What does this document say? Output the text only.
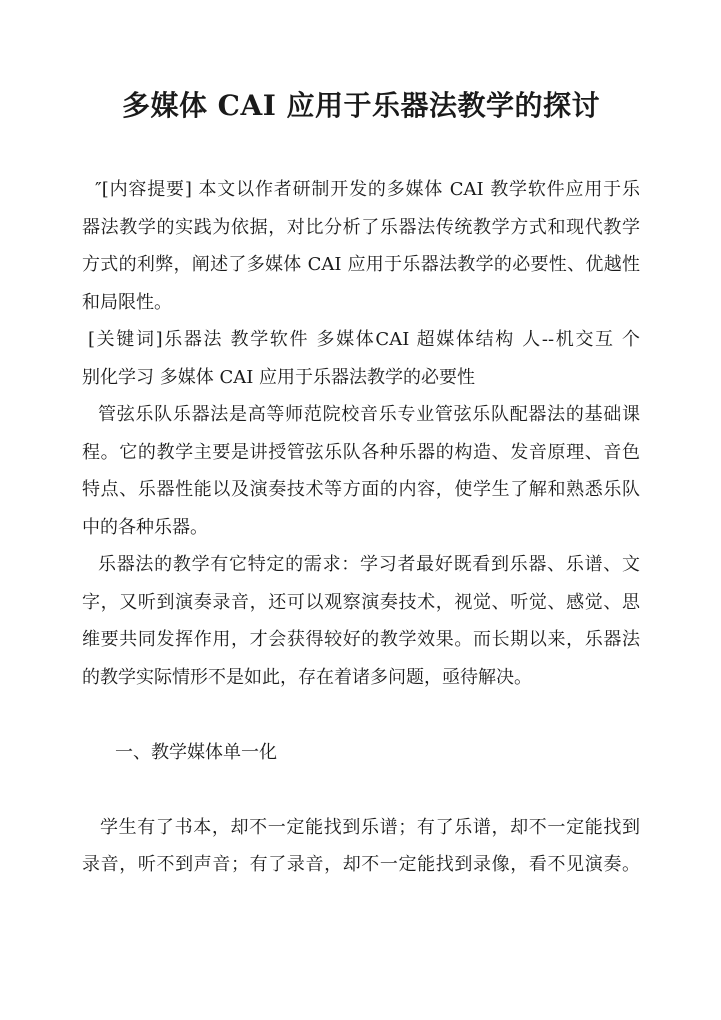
多媒体 CAI 应用于乐器法教学的探讨
″[内容提要] 本文以作者研制开发的多媒体 CAI 教学软件应用于乐
器法教学的实践为依据，对比分析了乐器法传统教学方式和现代教学
方式的利弊，阐述了多媒体 CAI 应用于乐器法教学的必要性、优越性
和局限性。
[关键词]乐器法 教学软件 多媒体CAI 超媒体结构 人--机交互 个
别化学习 多媒体 CAI 应用于乐器法教学的必要性
管弦乐队乐器法是高等师范院校音乐专业管弦乐队配器法的基础课
程。它的教学主要是讲授管弦乐队各种乐器的构造、发音原理、音色
特点、乐器性能以及演奏技术等方面的内容，使学生了解和熟悉乐队
中的各种乐器。
乐器法的教学有它特定的需求：学习者最好既看到乐器、乐谱、文
字，又听到演奏录音，还可以观察演奏技术，视觉、听觉、感觉、思
维要共同发挥作用，才会获得较好的教学效果。而长期以来，乐器法
的教学实际情形不是如此，存在着诸多问题，亟待解决。
一、教学媒体单一化
学生有了书本，却不一定能找到乐谱；有了乐谱，却不一定能找到
录音，听不到声音；有了录音，却不一定能找到录像，看不见演奏。
